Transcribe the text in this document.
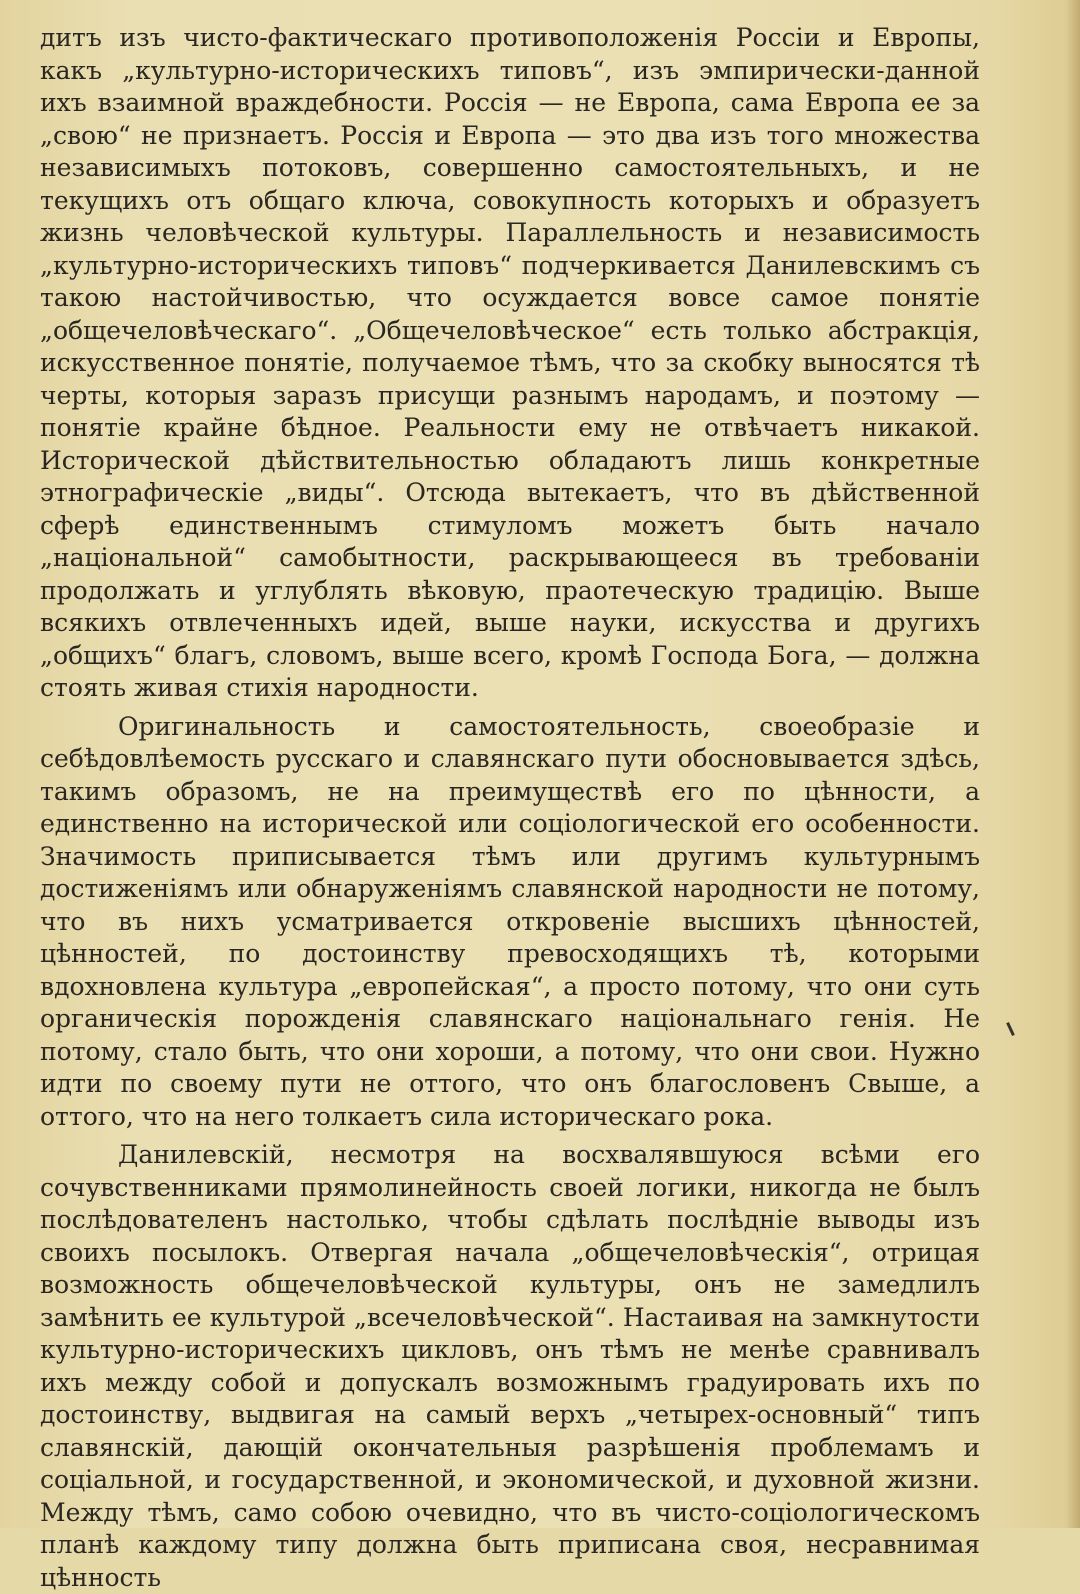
дитъ изъ чисто-фактическаго противоположенія Россіи и Европы, какъ „культурно-историческихъ типовъ“, изъ эмпирически-данной ихъ взаимной враждебности. Россія — не Европа, сама Европа ее за „свою“ не признаетъ. Россія и Европа — это два изъ того множества независимыхъ потоковъ, совершенно самостоятельныхъ, и не текущихъ отъ общаго ключа, совокупность которыхъ и образуетъ жизнь человѣческой культуры. Параллельность и независимость „культурно-историческихъ типовъ“ подчеркивается Данилевскимъ съ такою настойчивостью, что осуждается вовсе самое понятіе „общечеловѣческаго“. „Общечеловѣческое“ есть только абстракція, искусственное понятіе, получаемое тѣмъ, что за скобку выносятся тѣ черты, которыя заразъ присущи разнымъ народамъ, и поэтому — понятіе крайне бѣдное. Реальности ему не отвѣчаетъ никакой. Исторической дѣйствительностью обладаютъ лишь конкретные этнографическіе „виды“. Отсюда вытекаетъ, что въ дѣйственной сферѣ единственнымъ стимуломъ можетъ быть начало „національной“ самобытности, раскрывающееся въ требованіи продолжать и углублять вѣковую, праотеческую традицію. Выше всякихъ отвлеченныхъ идей, выше науки, искусства и другихъ „общихъ“ благъ, словомъ, выше всего, кромѣ Господа Бога, — должна стоять живая стихія народности.

Оригинальность и самостоятельность, своеобразіе и себѣдовлѣемость русскаго и славянскаго пути обосновывается здѣсь, такимъ образомъ, не на преимуществѣ его по цѣнности, а единственно на исторической или соціологической его особенности. Значимость приписывается тѣмъ или другимъ культурнымъ достиженіямъ или обнаруженіямъ славянской народности не потому, что въ нихъ усматривается откровеніе высшихъ цѣнностей, цѣнностей, по достоинству превосходящихъ тѣ, которыми вдохновлена культура „европейская“, а просто потому, что они суть органическія порожденія славянскаго національнаго генія. Не потому, стало быть, что они хороши, а потому, что они свои. Нужно идти по своему пути не оттого, что онъ благословенъ Свыше, а оттого, что на него толкаетъ сила историческаго рока.

Данилевскій, несмотря на восхвалявшуюся всѣми его сочувственниками прямолинейность своей логики, никогда не былъ послѣдователенъ настолько, чтобы сдѣлать послѣдніе выводы изъ своихъ посылокъ. Отвергая начала „общечеловѣческія“, отрицая возможность общечеловѣческой культуры, онъ не замедлилъ замѣнить ее культурой „всечеловѣческой“. Настаивая на замкнутости культурно-историческихъ цикловъ, онъ тѣмъ не менѣе сравнивалъ ихъ между собой и допускалъ возможнымъ градуировать ихъ по достоинству, выдвигая на самый верхъ „четырех-основный“ типъ славянскій, дающій окончательныя разрѣшенія проблемамъ и соціальной, и государственной, и экономической, и духовной жизни. Между тѣмъ, само собою очевидно, что въ чисто-соціологическомъ планѣ каждому типу должна быть приписана своя, несравнимая цѣнность
